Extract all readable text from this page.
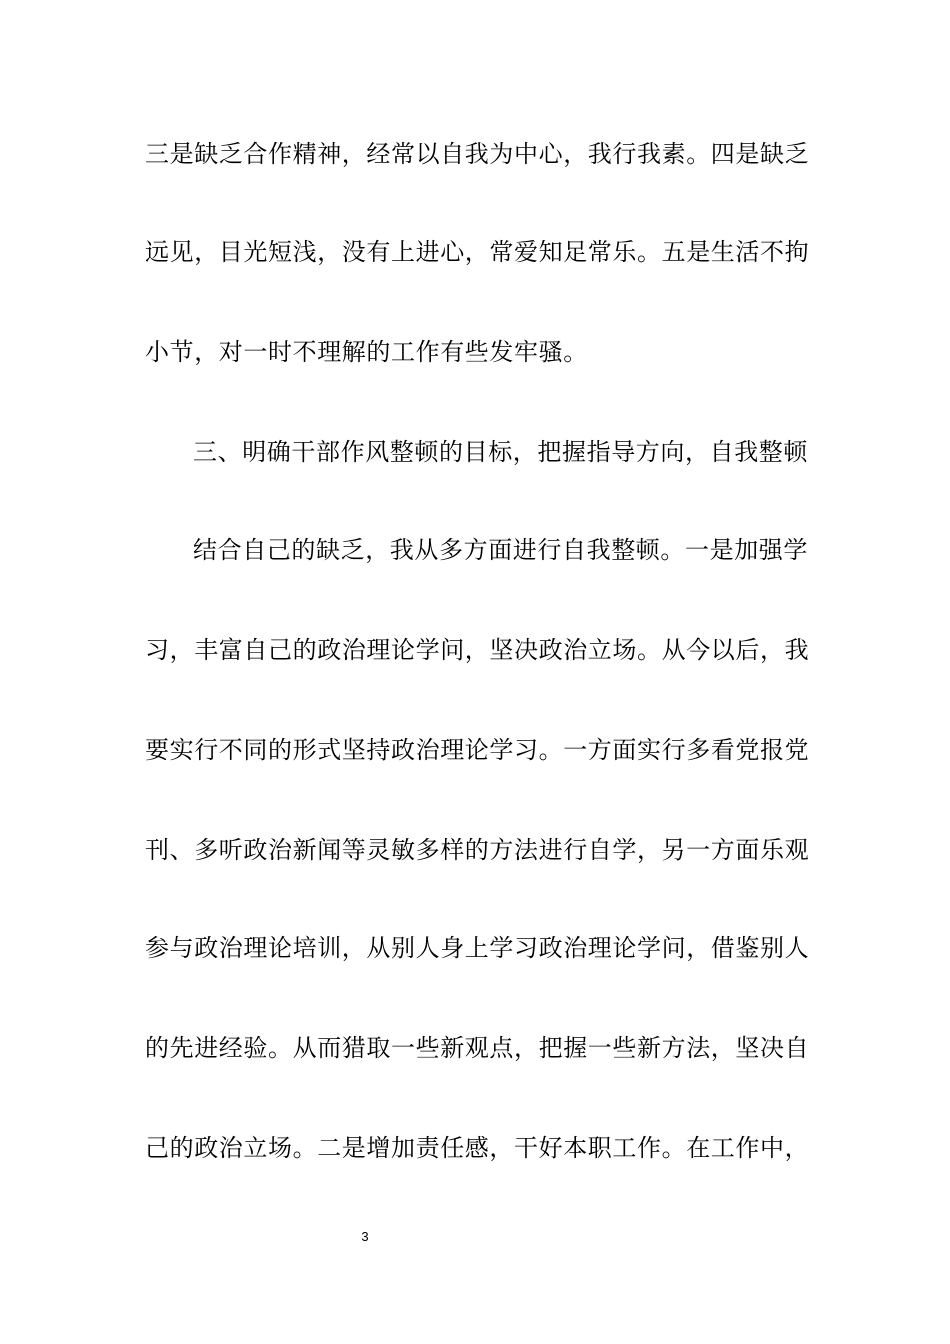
三是缺乏合作精神，经常以自我为中心，我行我素。四是缺乏

远见，目光短浅，没有上进心，常爱知足常乐。五是生活不拘

小节，对一时不理解的工作有些发牢骚。

三、明确干部作风整顿的目标，把握指导方向，自我整顿

结合自己的缺乏，我从多方面进行自我整顿。一是加强学

习，丰富自己的政治理论学问，坚决政治立场。从今以后，我

要实行不同的形式坚持政治理论学习。一方面实行多看党报党

刊、多听政治新闻等灵敏多样的方法进行自学，另一方面乐观

参与政治理论培训，从别人身上学习政治理论学问，借鉴别人

的先进经验。从而猎取一些新观点，把握一些新方法，坚决自

己的政治立场。二是增加责任感，干好本职工作。在工作中，

3
